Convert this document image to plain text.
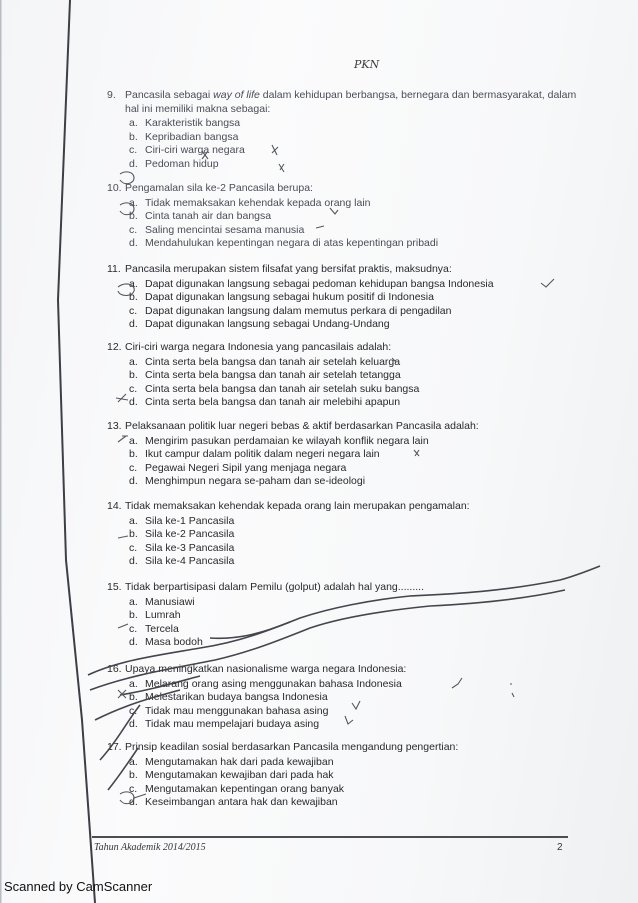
PKN
9. Pancasila sebagai way of life dalam kehidupan berbangsa, bernegara dan bermasyarakat, dalam hal ini memiliki makna sebagai:
a. Karakteristik bangsa
b. Kepribadian bangsa
c. Ciri-ciri warga negara
d. Pedoman hidup
10. Pengamalan sila ke-2 Pancasila berupa:
a. Tidak memaksakan kehendak kepada orang lain
b. Cinta tanah air dan bangsa
c. Saling mencintai sesama manusia
d. Mendahulukan kepentingan negara di atas kepentingan pribadi
11. Pancasila merupakan sistem filsafat yang bersifat praktis, maksudnya:
a. Dapat digunakan langsung sebagai pedoman kehidupan bangsa Indonesia
b. Dapat digunakan langsung sebagai hukum positif di Indonesia
c. Dapat digunakan langsung dalam memutus perkara di pengadilan
d. Dapat digunakan langsung sebagai Undang-Undang
12. Ciri-ciri warga negara Indonesia yang pancasilais adalah:
a. Cinta serta bela bangsa dan tanah air setelah keluarga
b. Cinta serta bela bangsa dan tanah air setelah tetangga
c. Cinta serta bela bangsa dan tanah air setelah suku bangsa
d. Cinta serta bela bangsa dan tanah air melebihi apapun
13. Pelaksanaan politik luar negeri bebas & aktif berdasarkan Pancasila adalah:
a. Mengirim pasukan perdamaian ke wilayah konflik negara lain
b. Ikut campur dalam politik dalam negeri negara lain
c. Pegawai Negeri Sipil yang menjaga negara
d. Menghimpun negara se-paham dan se-ideologi
14. Tidak memaksakan kehendak kepada orang lain merupakan pengamalan:
a. Sila ke-1 Pancasila
b. Sila ke-2 Pancasila
c. Sila ke-3 Pancasila
d. Sila ke-4 Pancasila
15. Tidak berpartisipasi dalam Pemilu (golput) adalah hal yang.........
a. Manusiawi
b. Lumrah
c. Tercela
d. Masa bodoh
16. Upaya meningkatkan nasionalisme warga negara Indonesia:
a. Melarang orang asing menggunakan bahasa Indonesia
b. Melestarikan budaya bangsa Indonesia
c. Tidak mau menggunakan bahasa asing
d. Tidak mau mempelajari budaya asing
17. Prinsip keadilan sosial berdasarkan Pancasila mengandung pengertian:
a. Mengutamakan hak dari pada kewajiban
b. Mengutamakan kewajiban dari pada hak
c. Mengutamakan kepentingan orang banyak
d. Keseimbangan antara hak dan kewajiban
Tahun Akademik 2014/2015	2
Scanned by CamScanner
